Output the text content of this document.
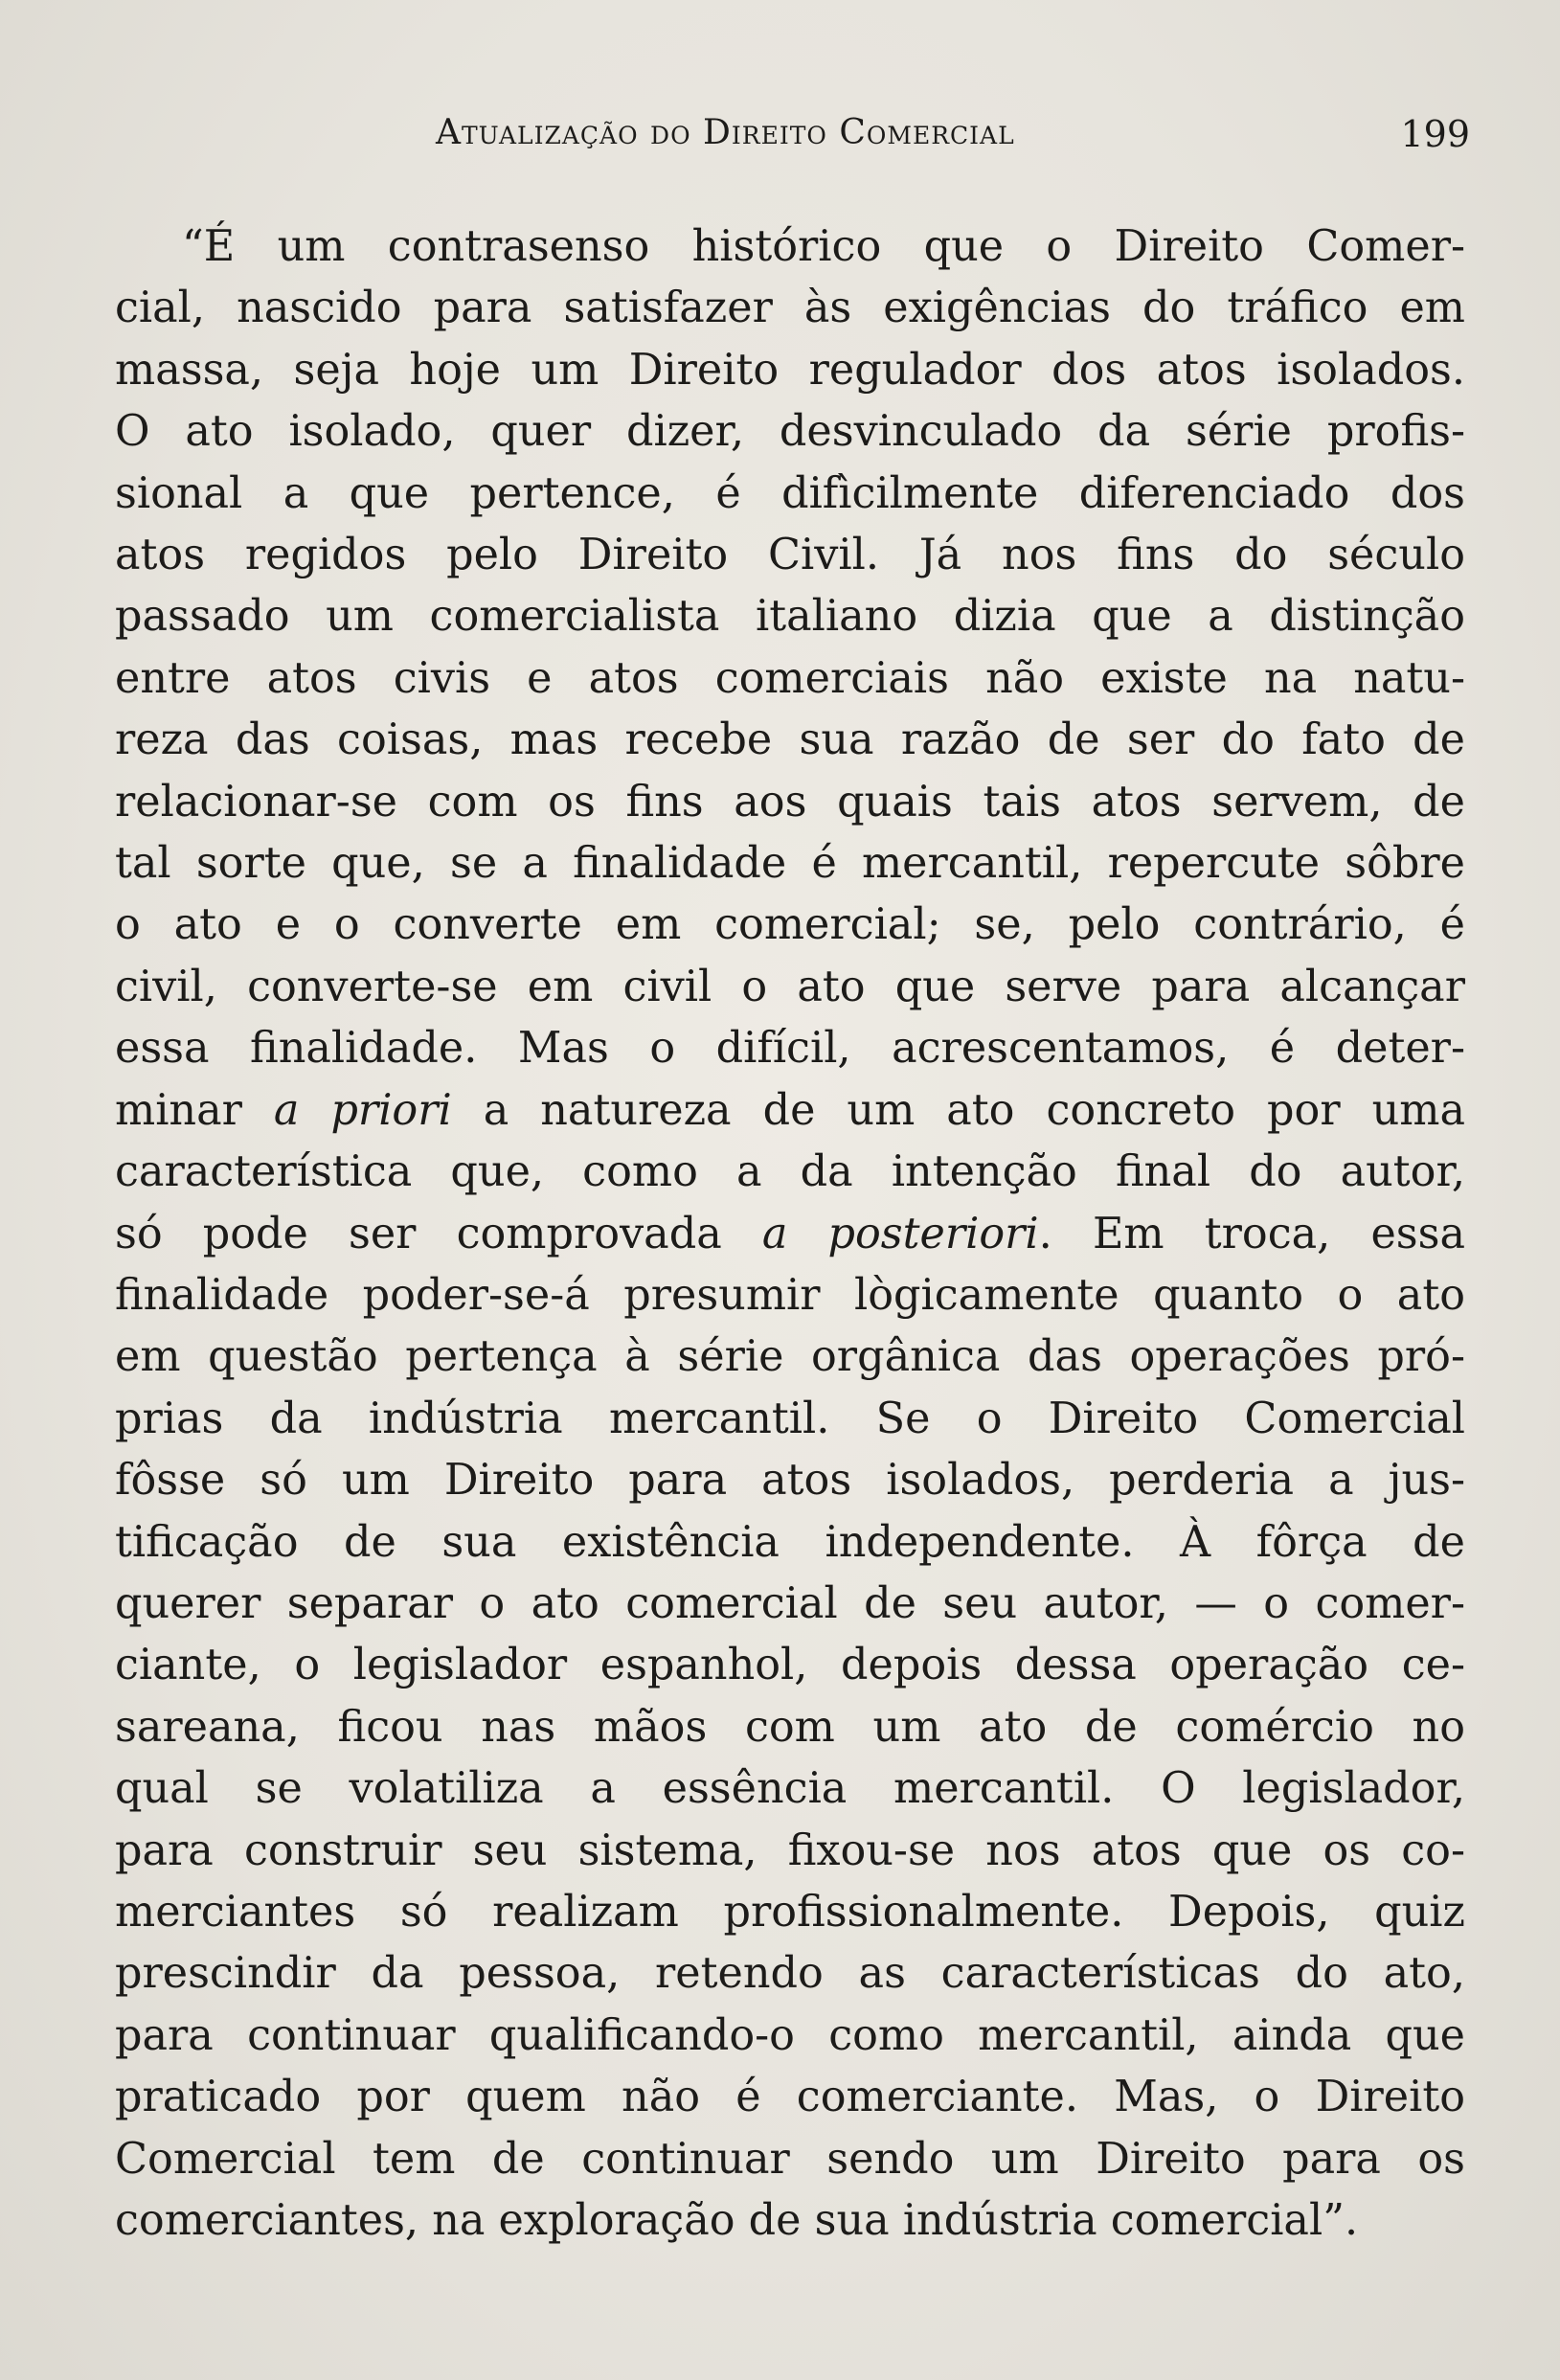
Atualização do Direito Comercial	199

“É um contrasenso histórico que o Direito Comer-
cial, nascido para satisfazer às exigências do tráfico em
massa, seja hoje um Direito regulador dos atos isolados.
O ato isolado, quer dizer, desvinculado da série profis-
sional a que pertence, é difìcilmente diferenciado dos
atos regidos pelo Direito Civil. Já nos fins do século
passado um comercialista italiano dizia que a distinção
entre atos civis e atos comerciais não existe na natu-
reza das coisas, mas recebe sua razão de ser do fato de
relacionar-se com os fins aos quais tais atos servem, de
tal sorte que, se a finalidade é mercantil, repercute sôbre
o ato e o converte em comercial; se, pelo contrário, é
civil, converte-se em civil o ato que serve para alcançar
essa finalidade. Mas o difícil, acrescentamos, é deter-
minar a priori a natureza de um ato concreto por uma
característica que, como a da intenção final do autor,
só pode ser comprovada a posteriori. Em troca, essa
finalidade poder-se-á presumir lògicamente quanto o ato
em questão pertença à série orgânica das operações pró-
prias da indústria mercantil. Se o Direito Comercial
fôsse só um Direito para atos isolados, perderia a jus-
tificação de sua existência independente. À fôrça de
querer separar o ato comercial de seu autor, — o comer-
ciante, o legislador espanhol, depois dessa operação ce-
sareana, ficou nas mãos com um ato de comércio no
qual se volatiliza a essência mercantil. O legislador,
para construir seu sistema, fixou-se nos atos que os co-
merciantes só realizam profissionalmente. Depois, quiz
prescindir da pessoa, retendo as características do ato,
para continuar qualificando-o como mercantil, ainda que
praticado por quem não é comerciante. Mas, o Direito
Comercial tem de continuar sendo um Direito para os
comerciantes, na exploração de sua indústria comercial”.
